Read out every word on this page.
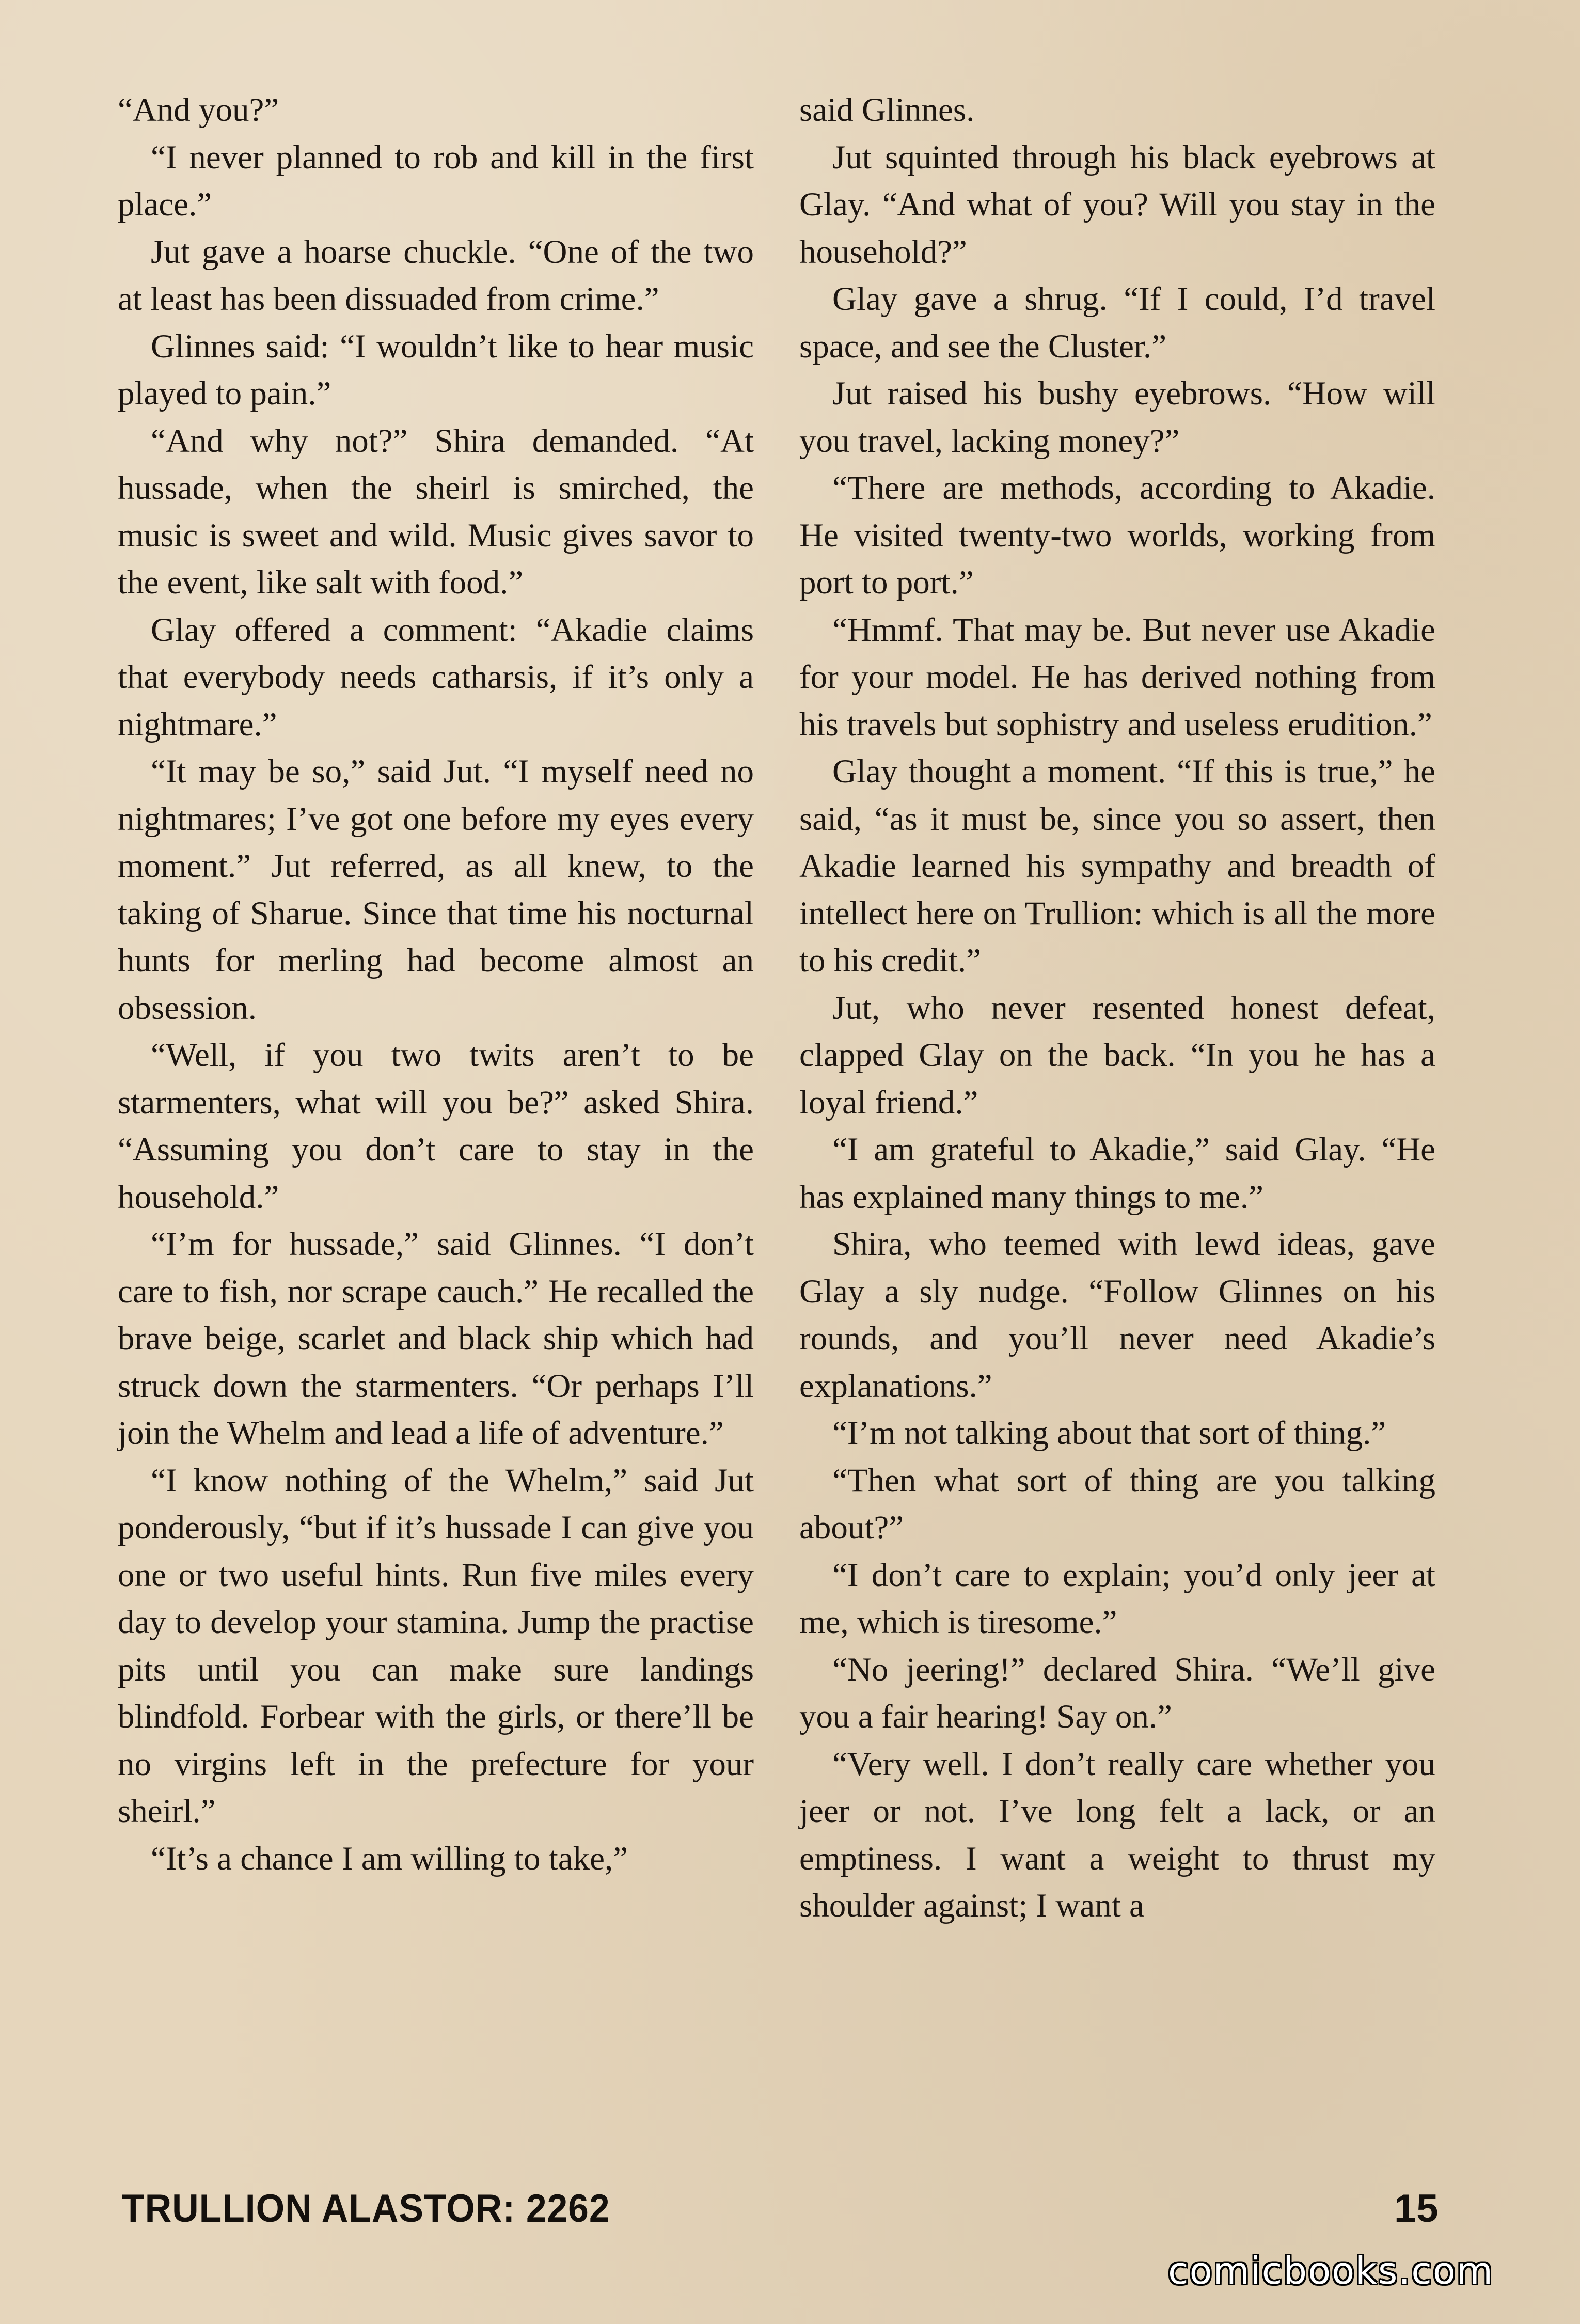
“And you?”

“I never planned to rob and kill in the first place.”

Jut gave a hoarse chuckle. “One of the two at least has been dissuaded from crime.”

Glinnes said: “I wouldn’t like to hear music played to pain.”

“And why not?” Shira demanded. “At hussade, when the sheirl is smirched, the music is sweet and wild. Music gives savor to the event, like salt with food.”

Glay offered a comment: “Akadie claims that everybody needs catharsis, if it’s only a nightmare.”

“It may be so,” said Jut. “I myself need no nightmares; I’ve got one before my eyes every moment.” Jut referred, as all knew, to the taking of Sharue. Since that time his nocturnal hunts for merling had become almost an obsession.

“Well, if you two twits aren’t to be starmenters, what will you be?” asked Shira. “Assuming you don’t care to stay in the household.”

“I’m for hussade,” said Glinnes. “I don’t care to fish, nor scrape cauch.” He recalled the brave beige, scarlet and black ship which had struck down the starmenters. “Or perhaps I’ll join the Whelm and lead a life of adventure.”

“I know nothing of the Whelm,” said Jut ponderously, “but if it’s hussade I can give you one or two useful hints. Run five miles every day to develop your stamina. Jump the practise pits until you can make sure landings blindfold. Forbear with the girls, or there’ll be no virgins left in the prefecture for your sheirl.”

“It’s a chance I am willing to take,”

said Glinnes.

Jut squinted through his black eyebrows at Glay. “And what of you? Will you stay in the household?”

Glay gave a shrug. “If I could, I’d travel space, and see the Cluster.”

Jut raised his bushy eyebrows. “How will you travel, lacking money?”

“There are methods, according to Akadie. He visited twenty-two worlds, working from port to port.”

“Hmmf. That may be. But never use Akadie for your model. He has derived nothing from his travels but sophistry and useless erudition.”

Glay thought a moment. “If this is true,” he said, “as it must be, since you so assert, then Akadie learned his sympathy and breadth of intellect here on Trullion: which is all the more to his credit.”

Jut, who never resented honest defeat, clapped Glay on the back. “In you he has a loyal friend.”

“I am grateful to Akadie,” said Glay. “He has explained many things to me.”

Shira, who teemed with lewd ideas, gave Glay a sly nudge. “Follow Glinnes on his rounds, and you’ll never need Akadie’s explanations.”

“I’m not talking about that sort of thing.”

“Then what sort of thing are you talking about?”

“I don’t care to explain; you’d only jeer at me, which is tiresome.”

“No jeering!” declared Shira. “We’ll give you a fair hearing! Say on.”

“Very well. I don’t really care whether you jeer or not. I’ve long felt a lack, or an emptiness. I want a weight to thrust my shoulder against; I want a

TRULLION ALASTOR: 2262	15
comicbooks.com
